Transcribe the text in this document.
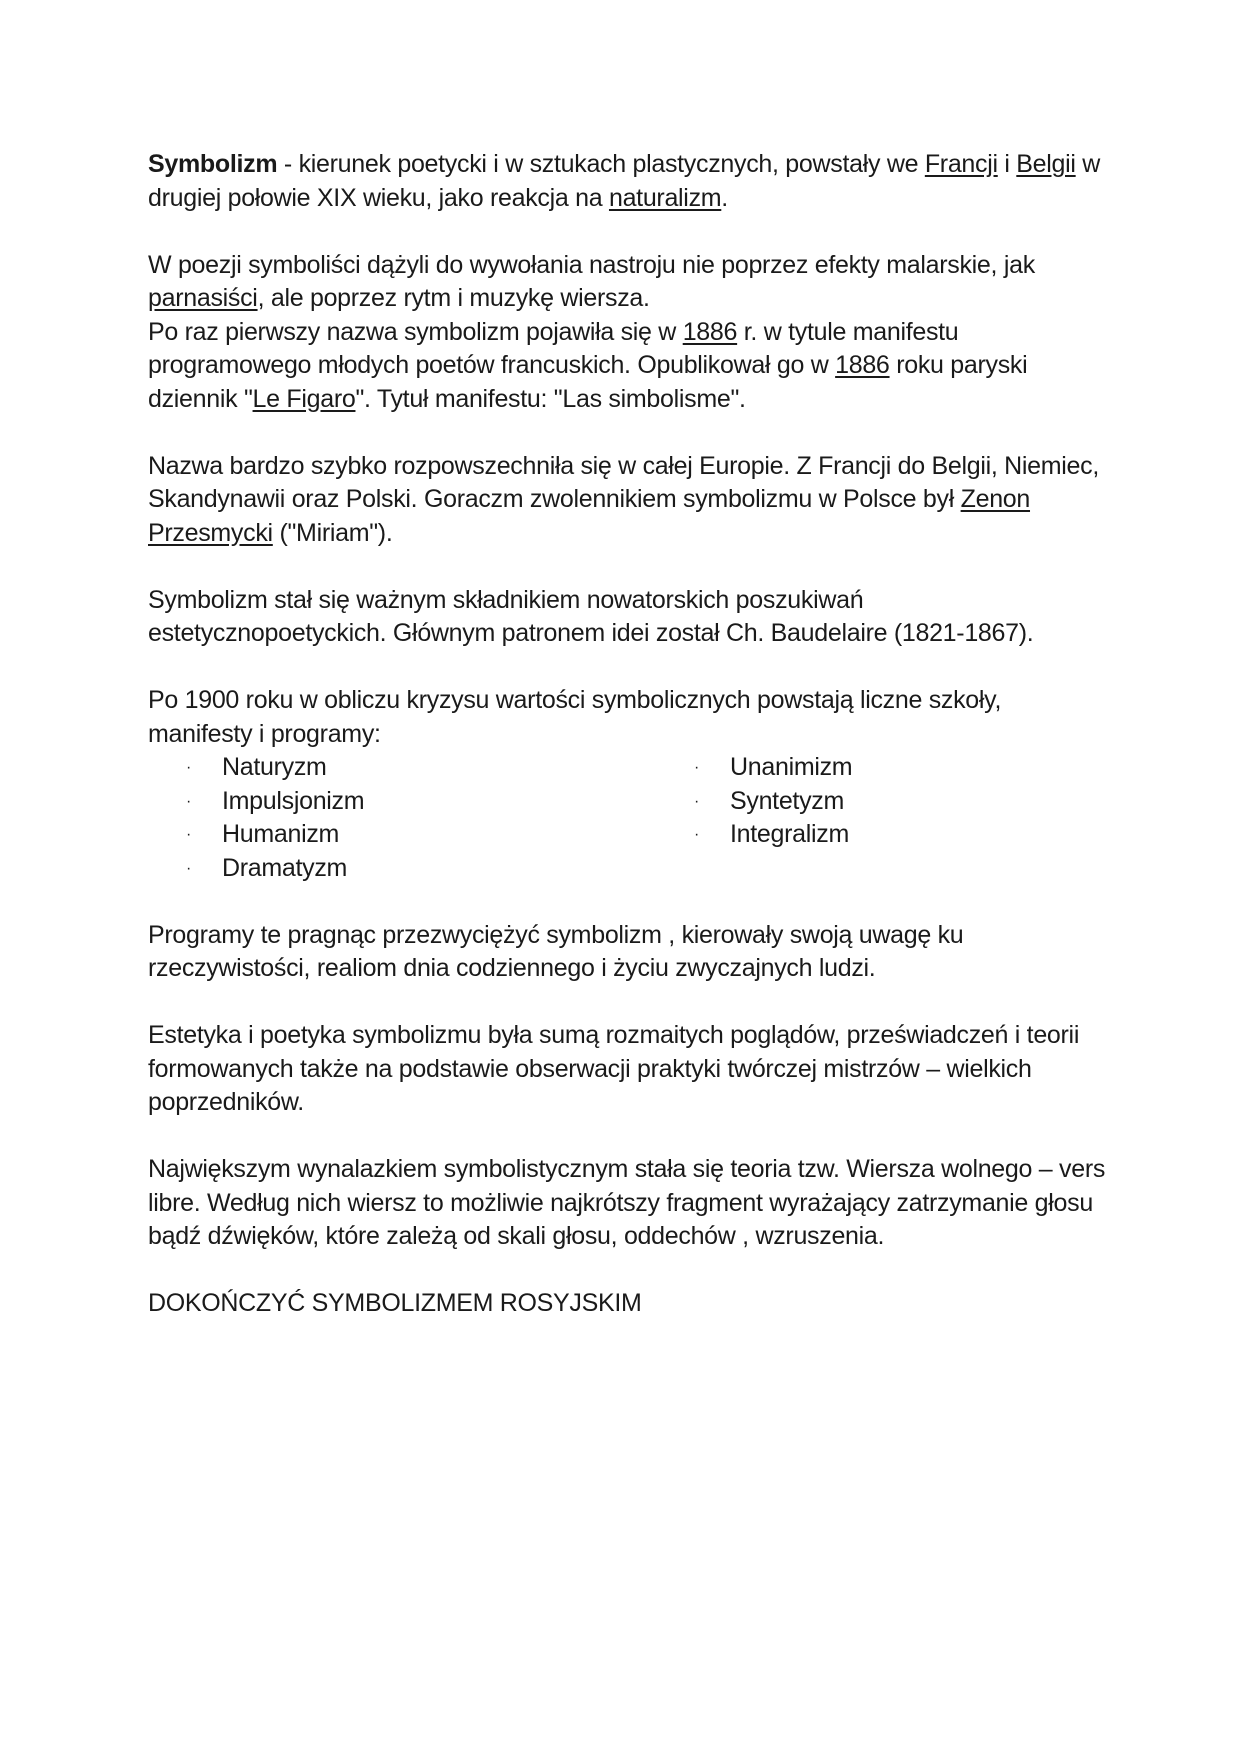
Symbolizm - kierunek poetycki i w sztukach plastycznych, powstały we Francji i Belgii w drugiej połowie XIX wieku, jako reakcja na naturalizm.

W poezji symboliści dążyli do wywołania nastroju nie poprzez efekty malarskie, jak parnasiści, ale poprzez rytm i muzykę wiersza.

Po raz pierwszy nazwa symbolizm pojawiła się w 1886 r. w tytule manifestu programowego młodych poetów francuskich. Opublikował go w 1886 roku paryski dziennik "Le Figaro". Tytuł manifestu: "Las simbolisme".

Nazwa bardzo szybko rozpowszechniła się w całej Europie. Z Francji do Belgii, Niemiec, Skandynawii oraz Polski. Goraczm zwolennikiem symbolizmu w Polsce był Zenon Przesmycki ("Miriam").

Symbolizm stał się ważnym składnikiem nowatorskich poszukiwań estetycznopoetyckich. Głównym patronem idei został Ch. Baudelaire (1821-1867).

Po 1900 roku w obliczu kryzysu wartości symbolicznych powstają liczne szkoły, manifesty i programy:

· Naturyzm
· Impulsjonizm
· Humanizm
· Dramatyzm
· Unanimizm
· Syntetyzm
· Integralizm

Programy te pragnąc przezwyciężyć symbolizm , kierowały swoją uwagę ku rzeczywistości, realiom dnia codziennego i życiu zwyczajnych ludzi.

Estetyka i poetyka symbolizmu była sumą rozmaitych poglądów, przeświadczeń i teorii formowanych także na podstawie obserwacji praktyki twórczej mistrzów – wielkich poprzedników.

Największym wynalazkiem symbolistycznym stała się teoria tzw. Wiersza wolnego – vers libre. Według nich wiersz to możliwie najkrótszy fragment wyrażający zatrzymanie głosu bądź dźwięków, które zależą od skali głosu, oddechów , wzruszenia.

DOKOŃCZYĆ SYMBOLIZMEM ROSYJSKIM
